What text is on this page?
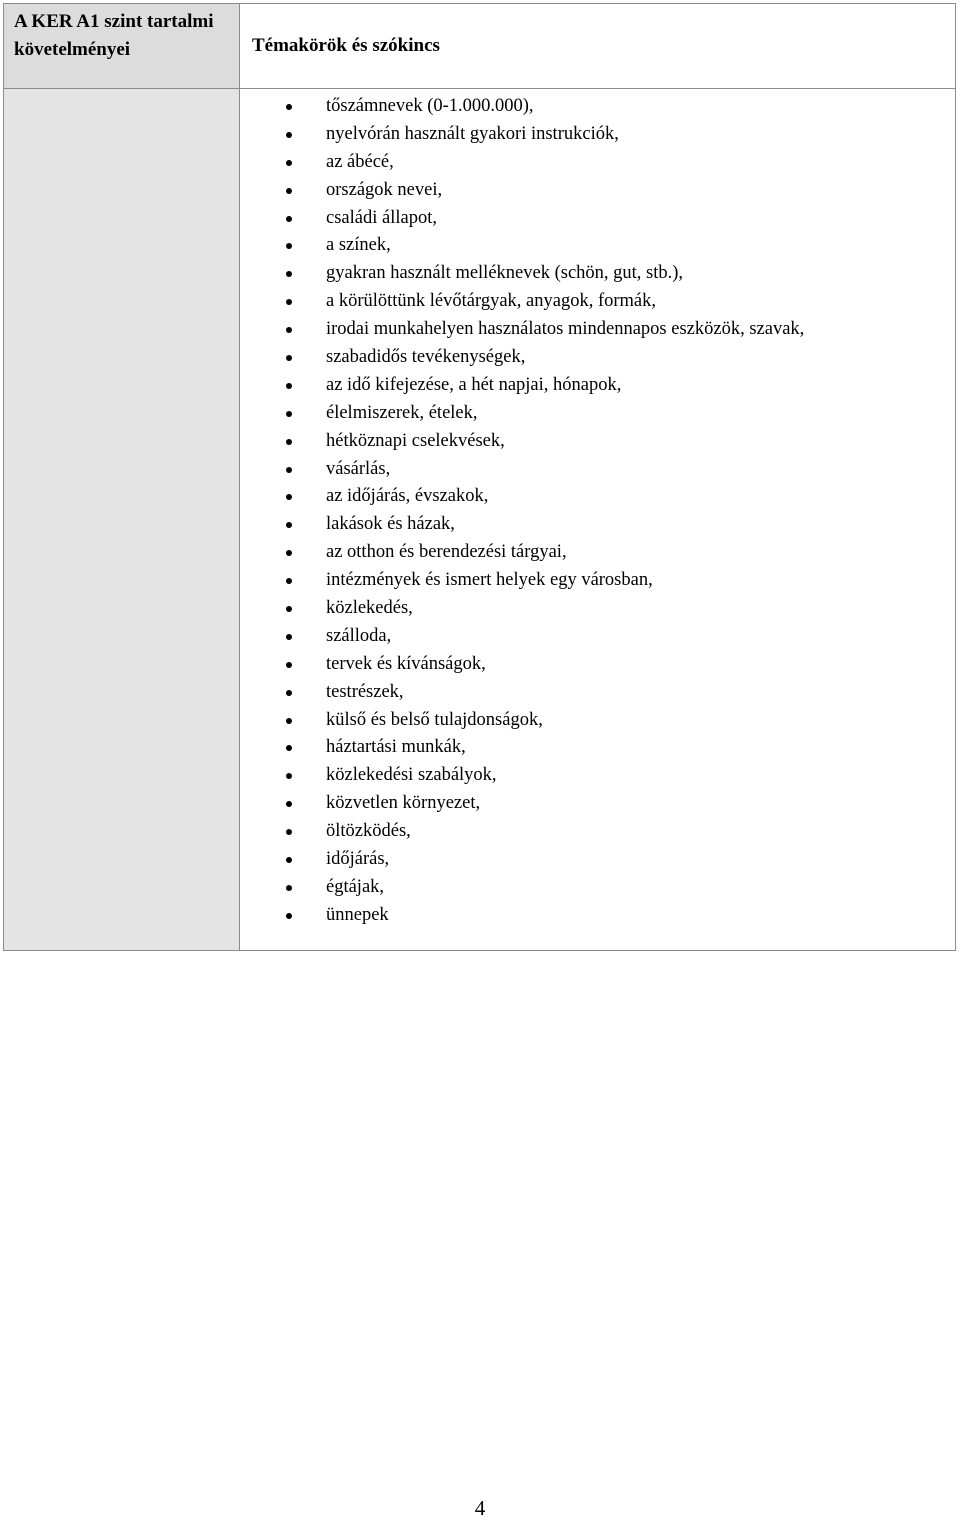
A KER A1 szint tartalmi követelményei	Témakörök és szókincs
tőszámnevek (0-1.000.000),
nyelvórán használt gyakori instrukciók,
az ábécé,
országok nevei,
családi állapot,
a színek,
gyakran használt melléknevek (schön, gut, stb.),
a körülöttünk lévőtárgyak, anyagok, formák,
irodai munkahelyen használatos mindennapos eszközök, szavak,
szabadidős tevékenységek,
az idő kifejezése, a hét napjai, hónapok,
élelmiszerek, ételek,
hétköznapi cselekvések,
vásárlás,
az időjárás, évszakok,
lakások és házak,
az otthon és berendezési tárgyai,
intézmények és ismert helyek egy városban,
közlekedés,
szálloda,
tervek és kívánságok,
testrészek,
külső és belső tulajdonságok,
háztartási munkák,
közlekedési szabályok,
közvetlen környezet,
öltözködés,
időjárás,
égtájak,
ünnepek
4
